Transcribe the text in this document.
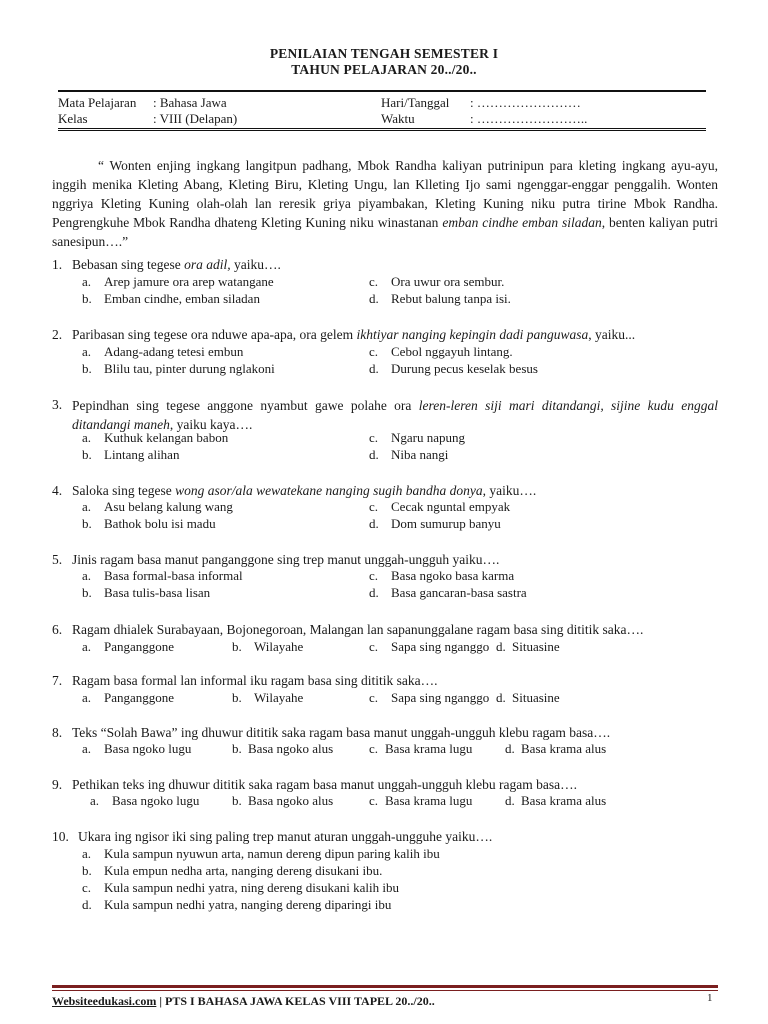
PENILAIAN TENGAH SEMESTER I
TAHUN PELAJARAN 20../20..
Mata Pelajaran : Bahasa Jawa
Kelas	: VIII (Delapan)
Hari/Tanggal : ……………………
Waktu	: ……………………..

“ Wonten enjing ingkang langitpun padhang, Mbok Randha kaliyan putrinipun para kleting ingkang ayu-ayu, inggih menika Kleting Abang, Kleting Biru, Kleting Ungu, lan Klleting Ijo sami ngenggar-enggar penggalih. Wonten nggriya Kleting Kuning olah-olah lan reresik griya piyambakan, Kleting Kuning niku putra tirine Mbok Randha. Pengrengkuhe Mbok Randha dhateng Kleting Kuning niku winastanan emban cindhe emban siladan, benten kaliyan putri sanesipun….”

1. Bebasan sing tegese ora adil, yaiku….
a. Arep jamure ora arep watangane
b. Emban cindhe, emban siladan
c. Ora uwur ora sembur.
d. Rebut balung tanpa isi.
2. Paribasan sing tegese ora nduwe apa-apa, ora gelem ikhtiyar nanging kepingin dadi panguwasa, yaiku...
a. Adang-adang tetesi embun
b. Blilu tau, pinter durung nglakoni
c. Cebol nggayuh lintang.
d. Durung pecus keselak besus
3. Pepindhan sing tegese anggone nyambut gawe polahe ora leren-leren siji mari ditandangi, sijine kudu enggal ditandangi maneh, yaiku kaya….
a. Kuthuk kelangan babon
b. Lintang alihan
c. Ngaru napung
d. Niba nangi
4. Saloka sing tegese wong asor/ala wewatekane nanging sugih bandha donya, yaiku….
a. Asu belang kalung wang
b. Bathok bolu isi madu
c. Cecak nguntal empyak
d. Dom sumurup banyu
5. Jinis ragam basa manut panganggone sing trep manut unggah-ungguh yaiku….
a. Basa formal-basa informal
b. Basa tulis-basa lisan
c. Basa ngoko basa karma
d. Basa gancaran-basa sastra
6. Ragam dhialek Surabayaan, Bojonegoroan, Malangan lan sapanunggalane ragam basa sing dititik saka….
a. Panganggone	b. Wilayahe	c. Sapa sing nganggo d. Situasine
7. Ragam basa formal lan informal iku ragam basa sing dititik saka….
a. Panganggone	b. Wilayahe	c. Sapa sing nganggo d. Situasine
8. Teks “Solah Bawa” ing dhuwur dititik saka ragam basa manut unggah-ungguh klebu ragam basa….
a. Basa ngoko lugu	b. Basa ngoko alus	c. Basa krama lugu	d. Basa krama alus
9. Pethikan teks ing dhuwur dititik saka ragam basa manut unggah-ungguh klebu ragam basa….
a. Basa ngoko lugu	b. Basa ngoko alus	c. Basa krama lugu	d. Basa krama alus
10. Ukara ing ngisor iki sing paling trep manut aturan unggah-ungguhe yaiku….
a. Kula sampun nyuwun arta, namun dereng dipun paring kalih ibu
b. Kula empun nedha arta, nanging dereng disukani ibu.
c. Kula sampun nedhi yatra, ning dereng disukani kalih ibu
d. Kula sampun nedhi yatra, nanging dereng diparingi ibu
Websiteedukasi.com | PTS I BAHASA JAWA KELAS VIII TAPEL 20../20..	1
